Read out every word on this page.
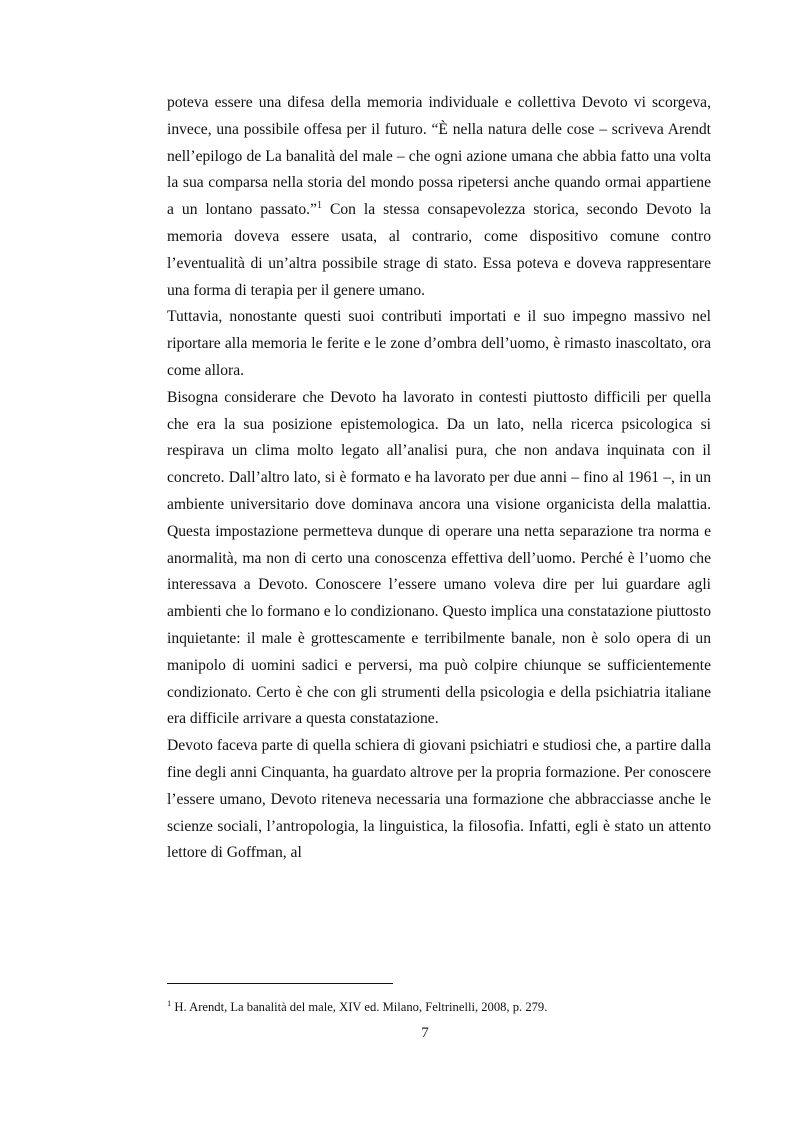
poteva essere una difesa della memoria individuale e collettiva Devoto vi scorgeva, invece, una possibile offesa per il futuro. “È nella natura delle cose – scriveva Arendt nell’epilogo de La banalità del male – che ogni azione umana che abbia fatto una volta la sua comparsa nella storia del mondo possa ripetersi anche quando ormai appartiene a un lontano passato.”$^1$ Con la stessa consapevolezza storica, secondo Devoto la memoria doveva essere usata, al contrario, come dispositivo comune contro l’eventualità di un’altra possibile strage di stato. Essa poteva e doveva rappresentare una forma di terapia per il genere umano.

Tuttavia, nonostante questi suoi contributi importati e il suo impegno massivo nel riportare alla memoria le ferite e le zone d’ombra dell’uomo, è rimasto inascoltato, ora come allora.

Bisogna considerare che Devoto ha lavorato in contesti piuttosto difficili per quella che era la sua posizione epistemologica. Da un lato, nella ricerca psicologica si respirava un clima molto legato all’analisi pura, che non andava inquinata con il concreto. Dall’altro lato, si è formato e ha lavorato per due anni – fino al 1961 –, in un ambiente universitario dove dominava ancora una visione organicista della malattia. Questa impostazione permetteva dunque di operare una netta separazione tra norma e anormalità, ma non di certo una conoscenza effettiva dell’uomo. Perché è l’uomo che interessava a Devoto. Conoscere l’essere umano voleva dire per lui guardare agli ambienti che lo formano e lo condizionano. Questo implica una constatazione piuttosto inquietante: il male è grottescamente e terribilmente banale, non è solo opera di un manipolo di uomini sadici e perversi, ma può colpire chiunque se sufficientemente condizionato. Certo è che con gli strumenti della psicologia e della psichiatria italiane era difficile arrivare a questa constatazione.

Devoto faceva parte di quella schiera di giovani psichiatri e studiosi che, a partire dalla fine degli anni Cinquanta, ha guardato altrove per la propria formazione. Per conoscere l’essere umano, Devoto riteneva necessaria una formazione che abbracciasse anche le scienze sociali, l’antropologia, la linguistica, la filosofia. Infatti, egli è stato un attento lettore di Goffman, al

$^1$ H. Arendt, La banalità del male, XIV ed. Milano, Feltrinelli, 2008, p. 279.
7
